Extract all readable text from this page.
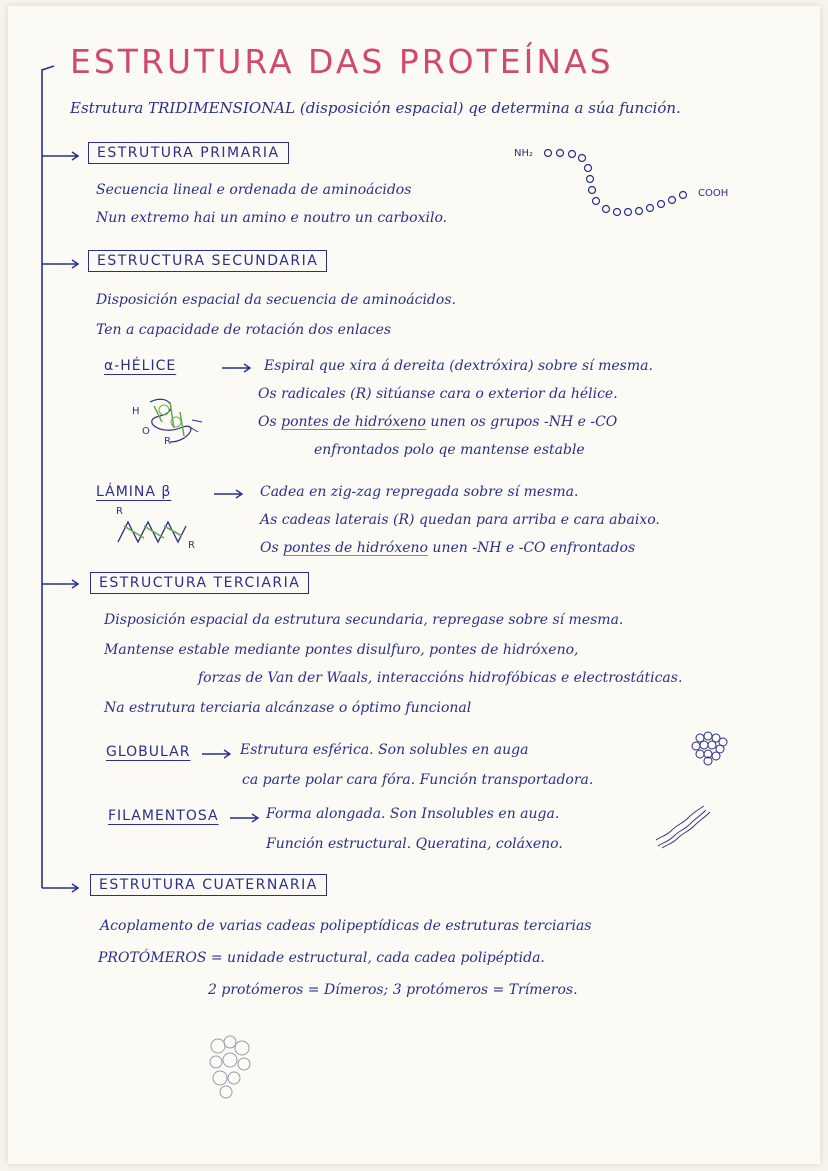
ESTRUTURA DAS PROTEÍNAS
Estrutura TRIDIMENSIONAL (disposición espacial) qe determina a súa función.
ESTRUTURA PRIMARIA
Secuencia lineal e ordenada de aminoácidos
Nun extremo hai un amino e noutro un carboxilo.
NH₂
COOH
ESTRUCTURA SECUNDARIA
Disposición espacial da secuencia de aminoácidos.
Ten a capacidade de rotación dos enlaces
α-HÉLICE	Espiral que xira á dereita (dextróxira) sobre sí mesma.
Os radicales (R) sitúanse cara o exterior da hélice.
Os pontes de hidróxeno unen os grupos -NH e -CO
enfrontados polo qe mantense estable
H
O
R
LÁMINA β	Cadea en zig-zag repregada sobre sí mesma.
As cadeas laterais (R) quedan para arriba e cara abaixo.
Os pontes de hidróxeno unen -NH e -CO enfrontados
R
R
ESTRUCTURA TERCIARIA
Disposición espacial da estrutura secundaria, repregase sobre sí mesma.
Mantense estable mediante pontes disulfuro, pontes de hidróxeno,
forzas de Van der Waals, interaccións hidrofóbicas e electrostáticas.
Na estrutura terciaria alcánzase o óptimo funcional
GLOBULAR	Estrutura esférica. Son solubles en auga
ca parte polar cara fóra. Función transportadora.
FILAMENTOSA	Forma alongada. Son Insolubles en auga.
Función estructural. Queratina, coláxeno.
ESTRUTURA CUATERNARIA
Acoplamento de varias cadeas polipeptídicas de estruturas terciarias
PROTÓMEROS = unidade estructural, cada cadea polipéptida.
2 protómeros = Dímeros; 3 protómeros = Trímeros.
